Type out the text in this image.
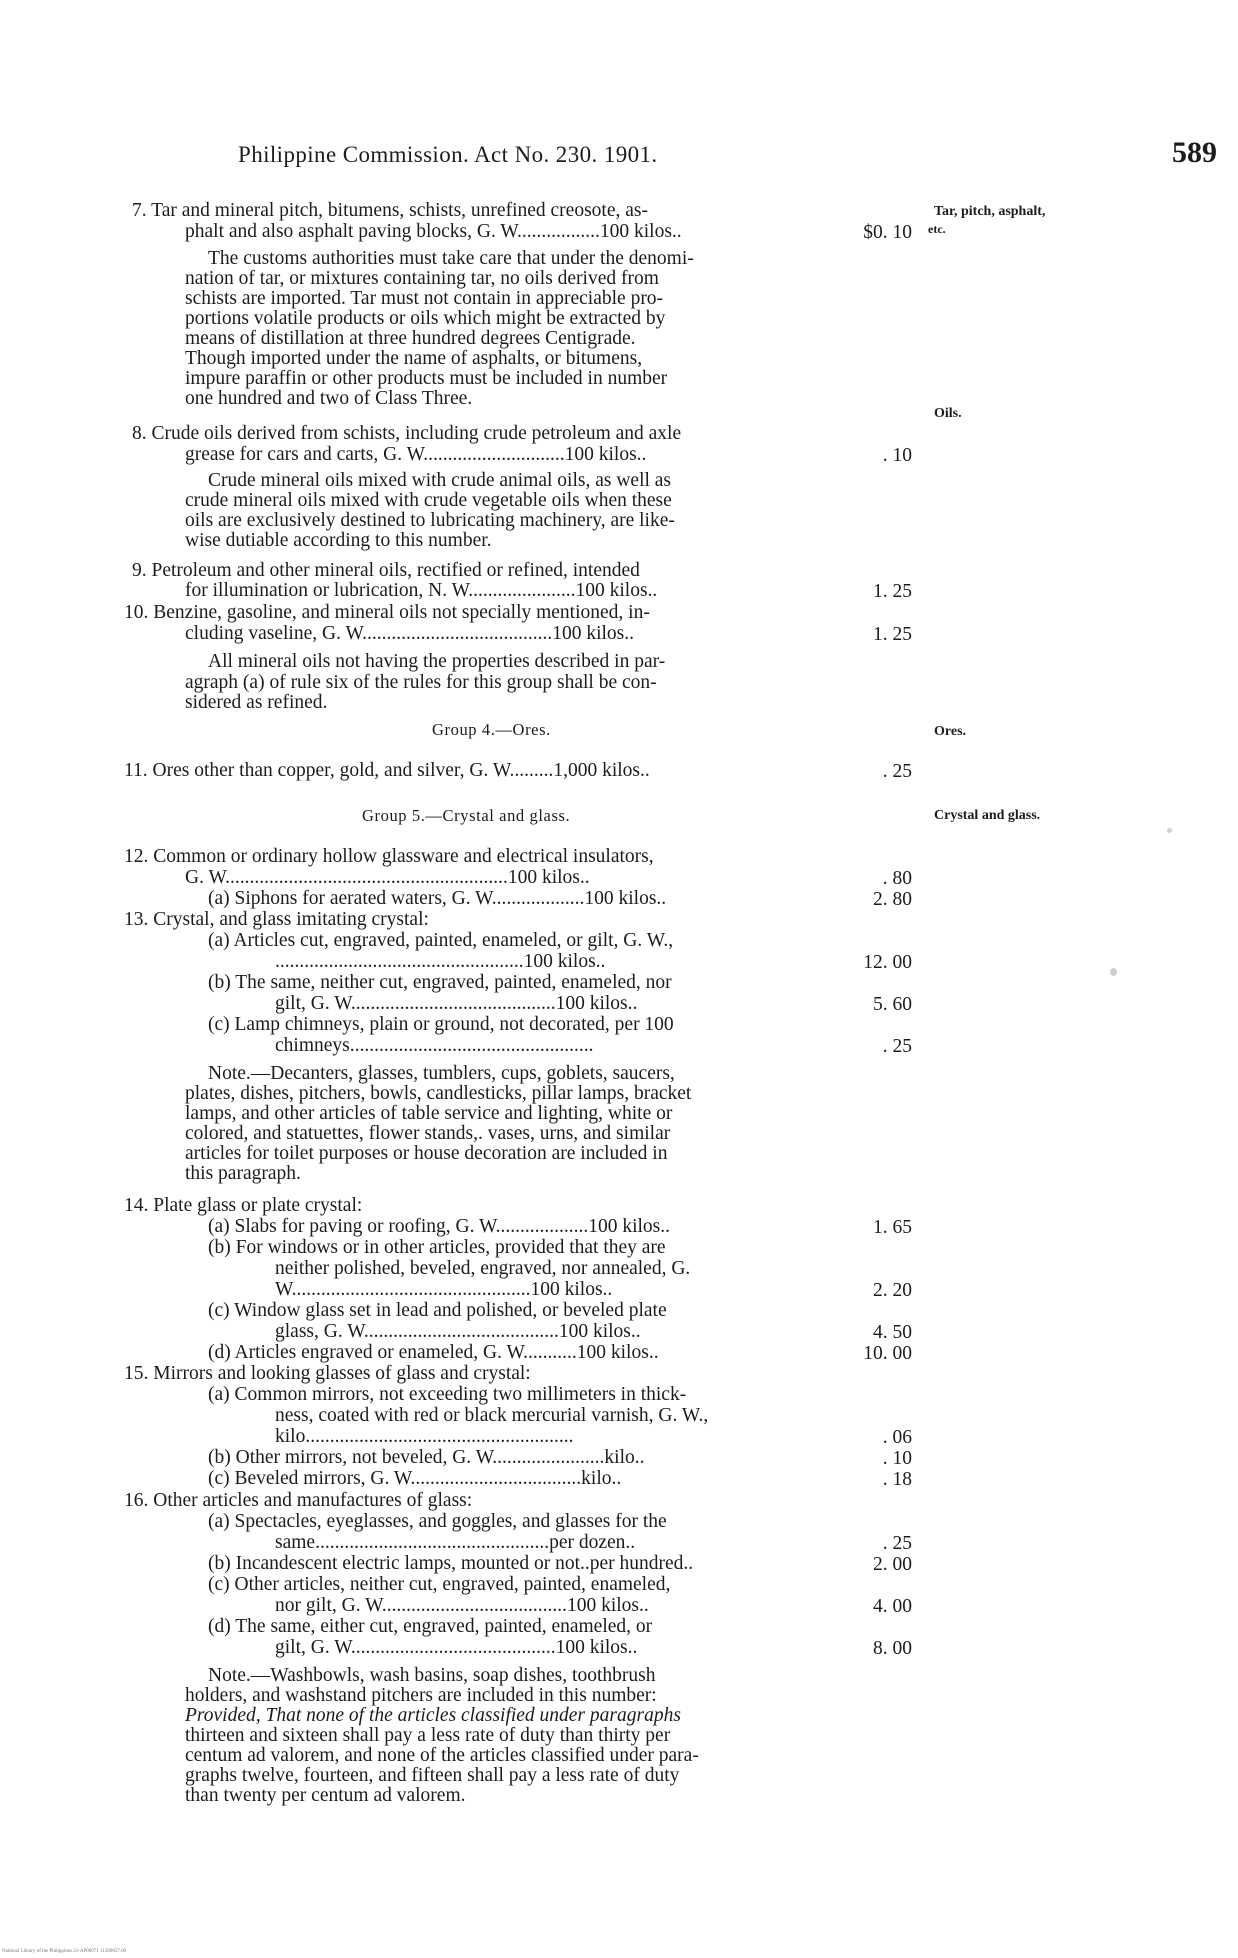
Philippine Commission. Act No. 230. 1901.	589
Tar, pitch, asphalt,
etc.
Oils.
Ores.
Crystal and glass.
7. Tar and mineral pitch, bitumens, schists, unrefined creosote, as-
phalt and also asphalt paving blocks, G. W.................100 kilos..
The customs authorities must take care that under the denomi-
nation of tar, or mixtures containing tar, no oils derived from
schists are imported. Tar must not contain in appreciable pro-
portions volatile products or oils which might be extracted by
means of distillation at three hundred degrees Centigrade.
Though imported under the name of asphalts, or bitumens,
impure paraffin or other products must be included in number
one hundred and two of Class Three.
8. Crude oils derived from schists, including crude petroleum and axle
grease for cars and carts, G. W.............................100 kilos..
Crude mineral oils mixed with crude animal oils, as well as
crude mineral oils mixed with crude vegetable oils when these
oils are exclusively destined to lubricating machinery, are like-
wise dutiable according to this number.
9. Petroleum and other mineral oils, rectified or refined, intended
for illumination or lubrication, N. W......................100 kilos..
10. Benzine, gasoline, and mineral oils not specially mentioned, in-
cluding vaseline, G. W.......................................100 kilos..
All mineral oils not having the properties described in par-
agraph (a) of rule six of the rules for this group shall be con-
sidered as refined.
Group 4.—Ores.
11. Ores other than copper, gold, and silver, G. W.........1,000 kilos..
Group 5.—Crystal and glass.
12. Common or ordinary hollow glassware and electrical insulators,
G. W..........................................................100 kilos..
(a) Siphons for aerated waters, G. W...................100 kilos..
13. Crystal, and glass imitating crystal:
(a) Articles cut, engraved, painted, enameled, or gilt, G. W.,
...................................................100 kilos..
(b) The same, neither cut, engraved, painted, enameled, nor
gilt, G. W..........................................100 kilos..
(c) Lamp chimneys, plain or ground, not decorated, per 100
chimneys..................................................
Note.—Decanters, glasses, tumblers, cups, goblets, saucers,
plates, dishes, pitchers, bowls, candlesticks, pillar lamps, bracket
lamps, and other articles of table service and lighting, white or
colored, and statuettes, flower stands,. vases, urns, and similar
articles for toilet purposes or house decoration are included in
this paragraph.
14. Plate glass or plate crystal:
(a) Slabs for paving or roofing, G. W...................100 kilos..
(b) For windows or in other articles, provided that they are
neither polished, beveled, engraved, nor annealed, G.
W.................................................100 kilos..
(c) Window glass set in lead and polished, or beveled plate
glass, G. W........................................100 kilos..
(d) Articles engraved or enameled, G. W...........100 kilos..
15. Mirrors and looking glasses of glass and crystal:
(a) Common mirrors, not exceeding two millimeters in thick-
ness, coated with red or black mercurial varnish, G. W.,
kilo.......................................................
(b) Other mirrors, not beveled, G. W.......................kilo..
(c) Beveled mirrors, G. W...................................kilo..
16. Other articles and manufactures of glass:
(a) Spectacles, eyeglasses, and goggles, and glasses for the
same................................................per dozen..
(b) Incandescent electric lamps, mounted or not..per hundred..
(c) Other articles, neither cut, engraved, painted, enameled,
nor gilt, G. W......................................100 kilos..
(d) The same, either cut, engraved, painted, enameled, or
gilt, G. W..........................................100 kilos..
Note.—Washbowls, wash basins, soap dishes, toothbrush
holders, and washstand pitchers are included in this number:
Provided, That none of the articles classified under paragraphs
thirteen and sixteen shall pay a less rate of duty than thirty per
centum ad valorem, and none of the articles classified under para-
graphs twelve, fourteen, and fifteen shall pay a less rate of duty
than twenty per centum ad valorem.
$0. 10
. 10
1. 25
1. 25
. 25
. 80
2. 80
12. 00
5. 60
. 25
1. 65
2. 20
4. 50
10. 00
. 06
. 10
. 18
. 25
2. 00
4. 00
8. 00
National Library of the Philippines 21-AP00071 11300057.00
